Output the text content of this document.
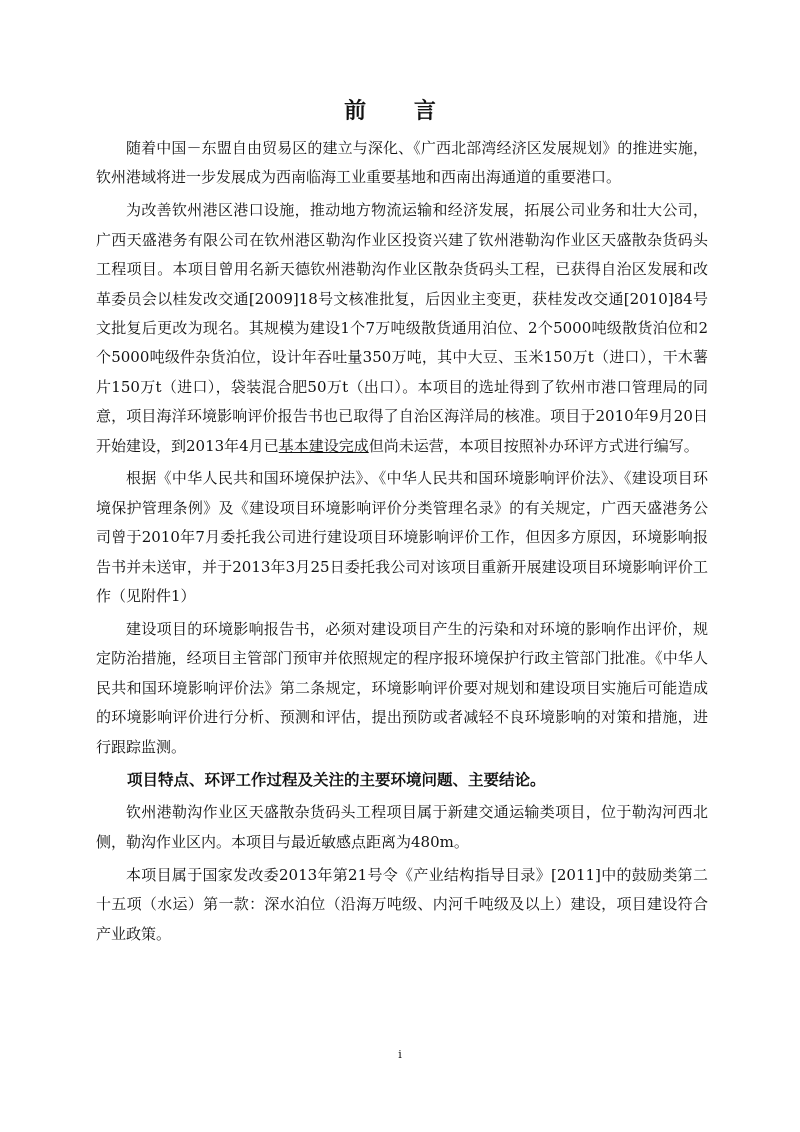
前 言

随着中国－东盟自由贸易区的建立与深化、《广西北部湾经济区发展规划》的推进实施，钦州港域将进一步发展成为西南临海工业重要基地和西南出海通道的重要港口。

为改善钦州港区港口设施，推动地方物流运输和经济发展，拓展公司业务和壮大公司，广西天盛港务有限公司在钦州港区勒沟作业区投资兴建了钦州港勒沟作业区天盛散杂货码头工程项目。本项目曾用名新天德钦州港勒沟作业区散杂货码头工程，已获得自治区发展和改革委员会以桂发改交通[2009]18号文核准批复，后因业主变更，获桂发改交通[2010]84号文批复后更改为现名。其规模为建设1个7万吨级散货通用泊位、2个5000吨级散货泊位和2个5000吨级件杂货泊位，设计年吞吐量350万吨，其中大豆、玉米150万t（进口），干木薯片150万t（进口），袋装混合肥50万t（出口）。本项目的选址得到了钦州市港口管理局的同意，项目海洋环境影响评价报告书也已取得了自治区海洋局的核准。项目于2010年9月20日开始建设，到2013年4月已基本建设完成但尚未运营，本项目按照补办环评方式进行编写。

根据《中华人民共和国环境保护法》、《中华人民共和国环境影响评价法》、《建设项目环境保护管理条例》及《建设项目环境影响评价分类管理名录》的有关规定，广西天盛港务公司曾于2010年7月委托我公司进行建设项目环境影响评价工作，但因多方原因，环境影响报告书并未送审，并于2013年3月25日委托我公司对该项目重新开展建设项目环境影响评价工作（见附件1）

建设项目的环境影响报告书，必须对建设项目产生的污染和对环境的影响作出评价，规定防治措施，经项目主管部门预审并依照规定的程序报环境保护行政主管部门批准。《中华人民共和国环境影响评价法》第二条规定，环境影响评价要对规划和建设项目实施后可能造成的环境影响评价进行分析、预测和评估，提出预防或者减轻不良环境影响的对策和措施，进行跟踪监测。

项目特点、环评工作过程及关注的主要环境问题、主要结论。

钦州港勒沟作业区天盛散杂货码头工程项目属于新建交通运输类项目，位于勒沟河西北侧，勒沟作业区内。本项目与最近敏感点距离为480m。

本项目属于国家发改委2013年第21号令《产业结构指导目录》[2011]中的鼓励类第二十五项（水运）第一款：深水泊位（沿海万吨级、内河千吨级及以上）建设，项目建设符合产业政策。

i
